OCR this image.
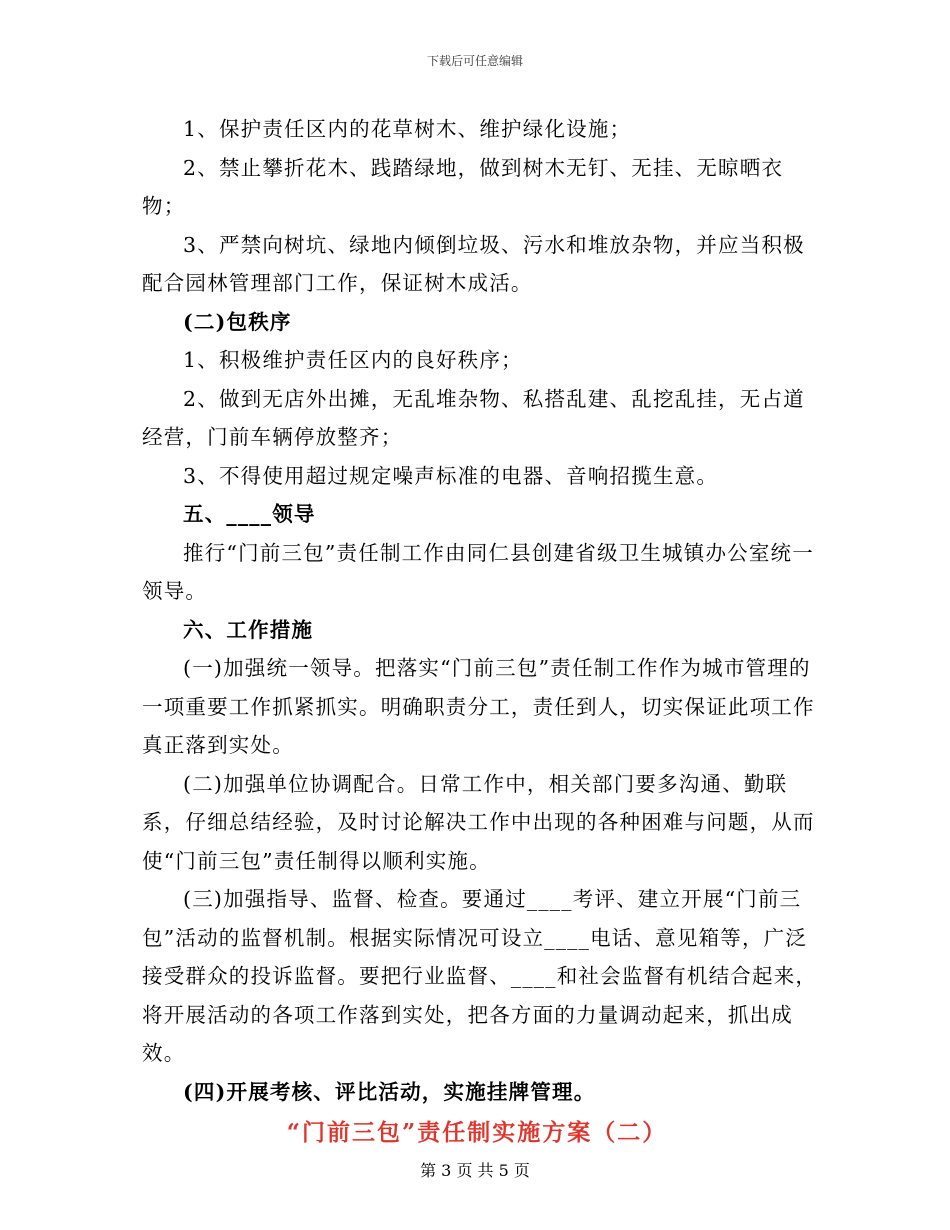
下载后可任意编辑

1、保护责任区内的花草树木、维护绿化设施；

2、禁止攀折花木、践踏绿地，做到树木无钉、无挂、无晾晒衣物；

3、严禁向树坑、绿地内倾倒垃圾、污水和堆放杂物，并应当积极配合园林管理部门工作，保证树木成活。

(二)包秩序

1、积极维护责任区内的良好秩序；

2、做到无店外出摊，无乱堆杂物、私搭乱建、乱挖乱挂，无占道经营，门前车辆停放整齐；

3、不得使用超过规定噪声标准的电器、音响招揽生意。

五、____领导

推行“门前三包”责任制工作由同仁县创建省级卫生城镇办公室统一领导。

六、工作措施

(一)加强统一领导。把落实“门前三包”责任制工作作为城市管理的一项重要工作抓紧抓实。明确职责分工，责任到人，切实保证此项工作真正落到实处。

(二)加强单位协调配合。日常工作中，相关部门要多沟通、勤联系，仔细总结经验，及时讨论解决工作中出现的各种困难与问题，从而使“门前三包”责任制得以顺利实施。

(三)加强指导、监督、检查。要通过____考评、建立开展“门前三包”活动的监督机制。根据实际情况可设立____电话、意见箱等，广泛接受群众的投诉监督。要把行业监督、____和社会监督有机结合起来，将开展活动的各项工作落到实处，把各方面的力量调动起来，抓出成效。

(四)开展考核、评比活动，实施挂牌管理。

“门前三包”责任制实施方案（二）

第 3 页 共 5 页
